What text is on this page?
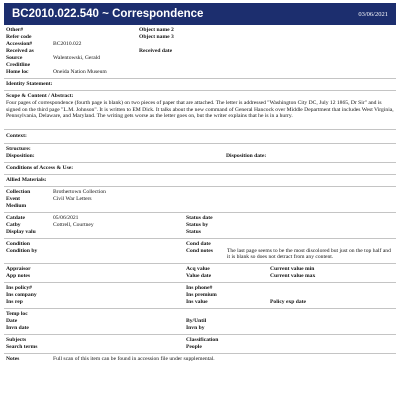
BC2010.022.540 ~ Correspondence	03/06/2021
Other#	Object name 2
Refer code	Object name 3
Accession#	BC2010.022
Received as	Received date
Source	Walentowski, Gerald
Creditline
Home loc	Oneida Nation Museum
Identity Statement:
Scope & Content / Abstract:
Four pages of correspondence (fourth page is blank) on two pieces of paper that are attached. The letter is addressed "Washington City DC, July 12 1865, Dr Sir" and is signed on the third page "L.M. Johnson". It is written to EM Dick. It talks about the new command of General Hancock over Middle Department that includes West Virginia, Pennsylvania, Delaware, and Maryland. The writing gets worse as the letter goes on, but the writer explains that he is in a hurry.
Context:
Structure:
Disposition:	Disposition date:
Conditions of Access & Use:
Allied Materials:
Collection	Brothertown Collection
Event	Civil War Letters
Medium
Catdate	05/06/2021	Status date
Catby	Cottrell, Courtney	Status by
Display valu	Status
Condition	Cond date
Condition by	Cond notes	The last page seems to be the most discolored but just on the top half and it is blank so does not detract from any content.
Appraisor	Acq value	Current value min
App notes	Value date	Current value max
Ins policy#	Ins phone#
Ins company	Ins premium
Ins rep	Ins value	Policy exp date
Temp loc
Date	By/Until
Invn date	Invn by
Subjects	Classification
Search terms	People
Notes	Full scan of this item can be found in accession file under supplemental.
